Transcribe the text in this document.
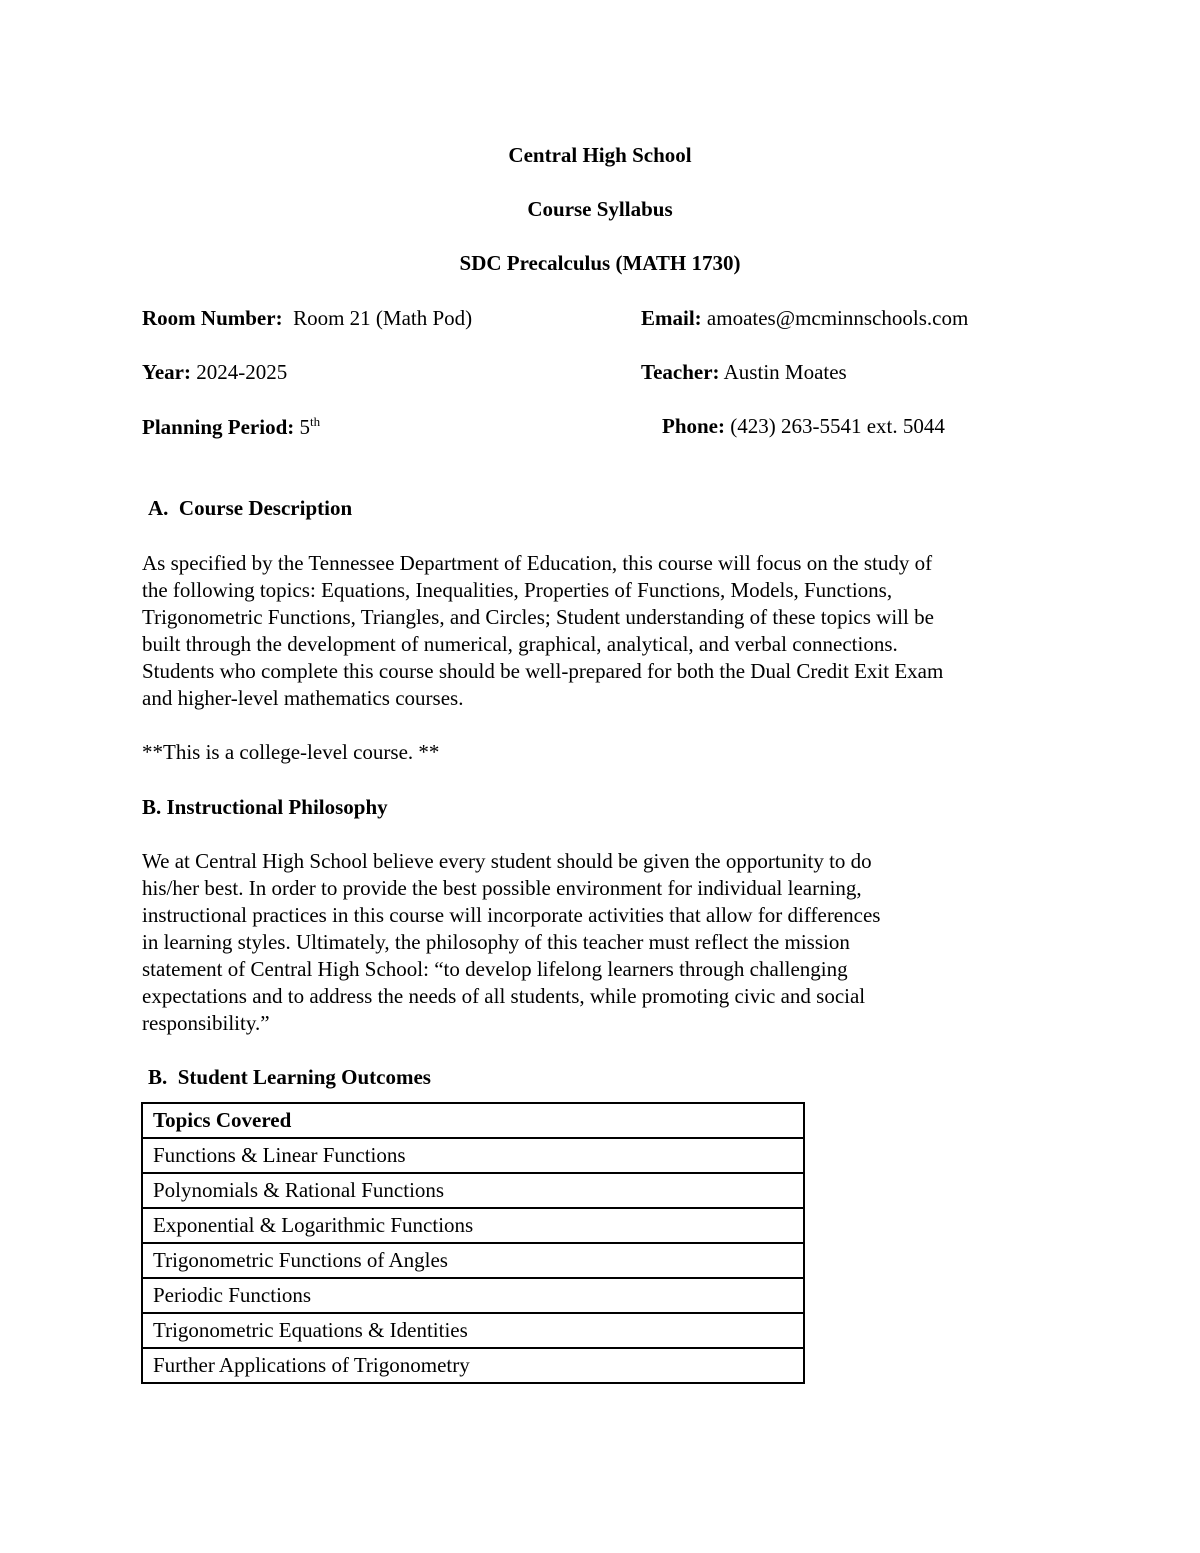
Central High School
Course Syllabus
SDC Precalculus (MATH 1730)
Room Number: Room 21 (Math Pod)	Email: amoates@mcminnschools.com
Year: 2024-2025	Teacher: Austin Moates
Planning Period: 5th	Phone: (423) 263-5541 ext. 5044
A.  Course Description
As specified by the Tennessee Department of Education, this course will focus on the study of
the following topics: Equations, Inequalities, Properties of Functions, Models, Functions,
Trigonometric Functions, Triangles, and Circles; Student understanding of these topics will be
built through the development of numerical, graphical, analytical, and verbal connections.
Students who complete this course should be well-prepared for both the Dual Credit Exit Exam
and higher-level mathematics courses.
**This is a college-level course. **
B. Instructional Philosophy
We at Central High School believe every student should be given the opportunity to do
his/her best. In order to provide the best possible environment for individual learning,
instructional practices in this course will incorporate activities that allow for differences
in learning styles. Ultimately, the philosophy of this teacher must reflect the mission
statement of Central High School: “to develop lifelong learners through challenging
expectations and to address the needs of all students, while promoting civic and social
responsibility.”
B.  Student Learning Outcomes
Topics Covered
Functions & Linear Functions
Polynomials & Rational Functions
Exponential & Logarithmic Functions
Trigonometric Functions of Angles
Periodic Functions
Trigonometric Equations & Identities
Further Applications of Trigonometry
